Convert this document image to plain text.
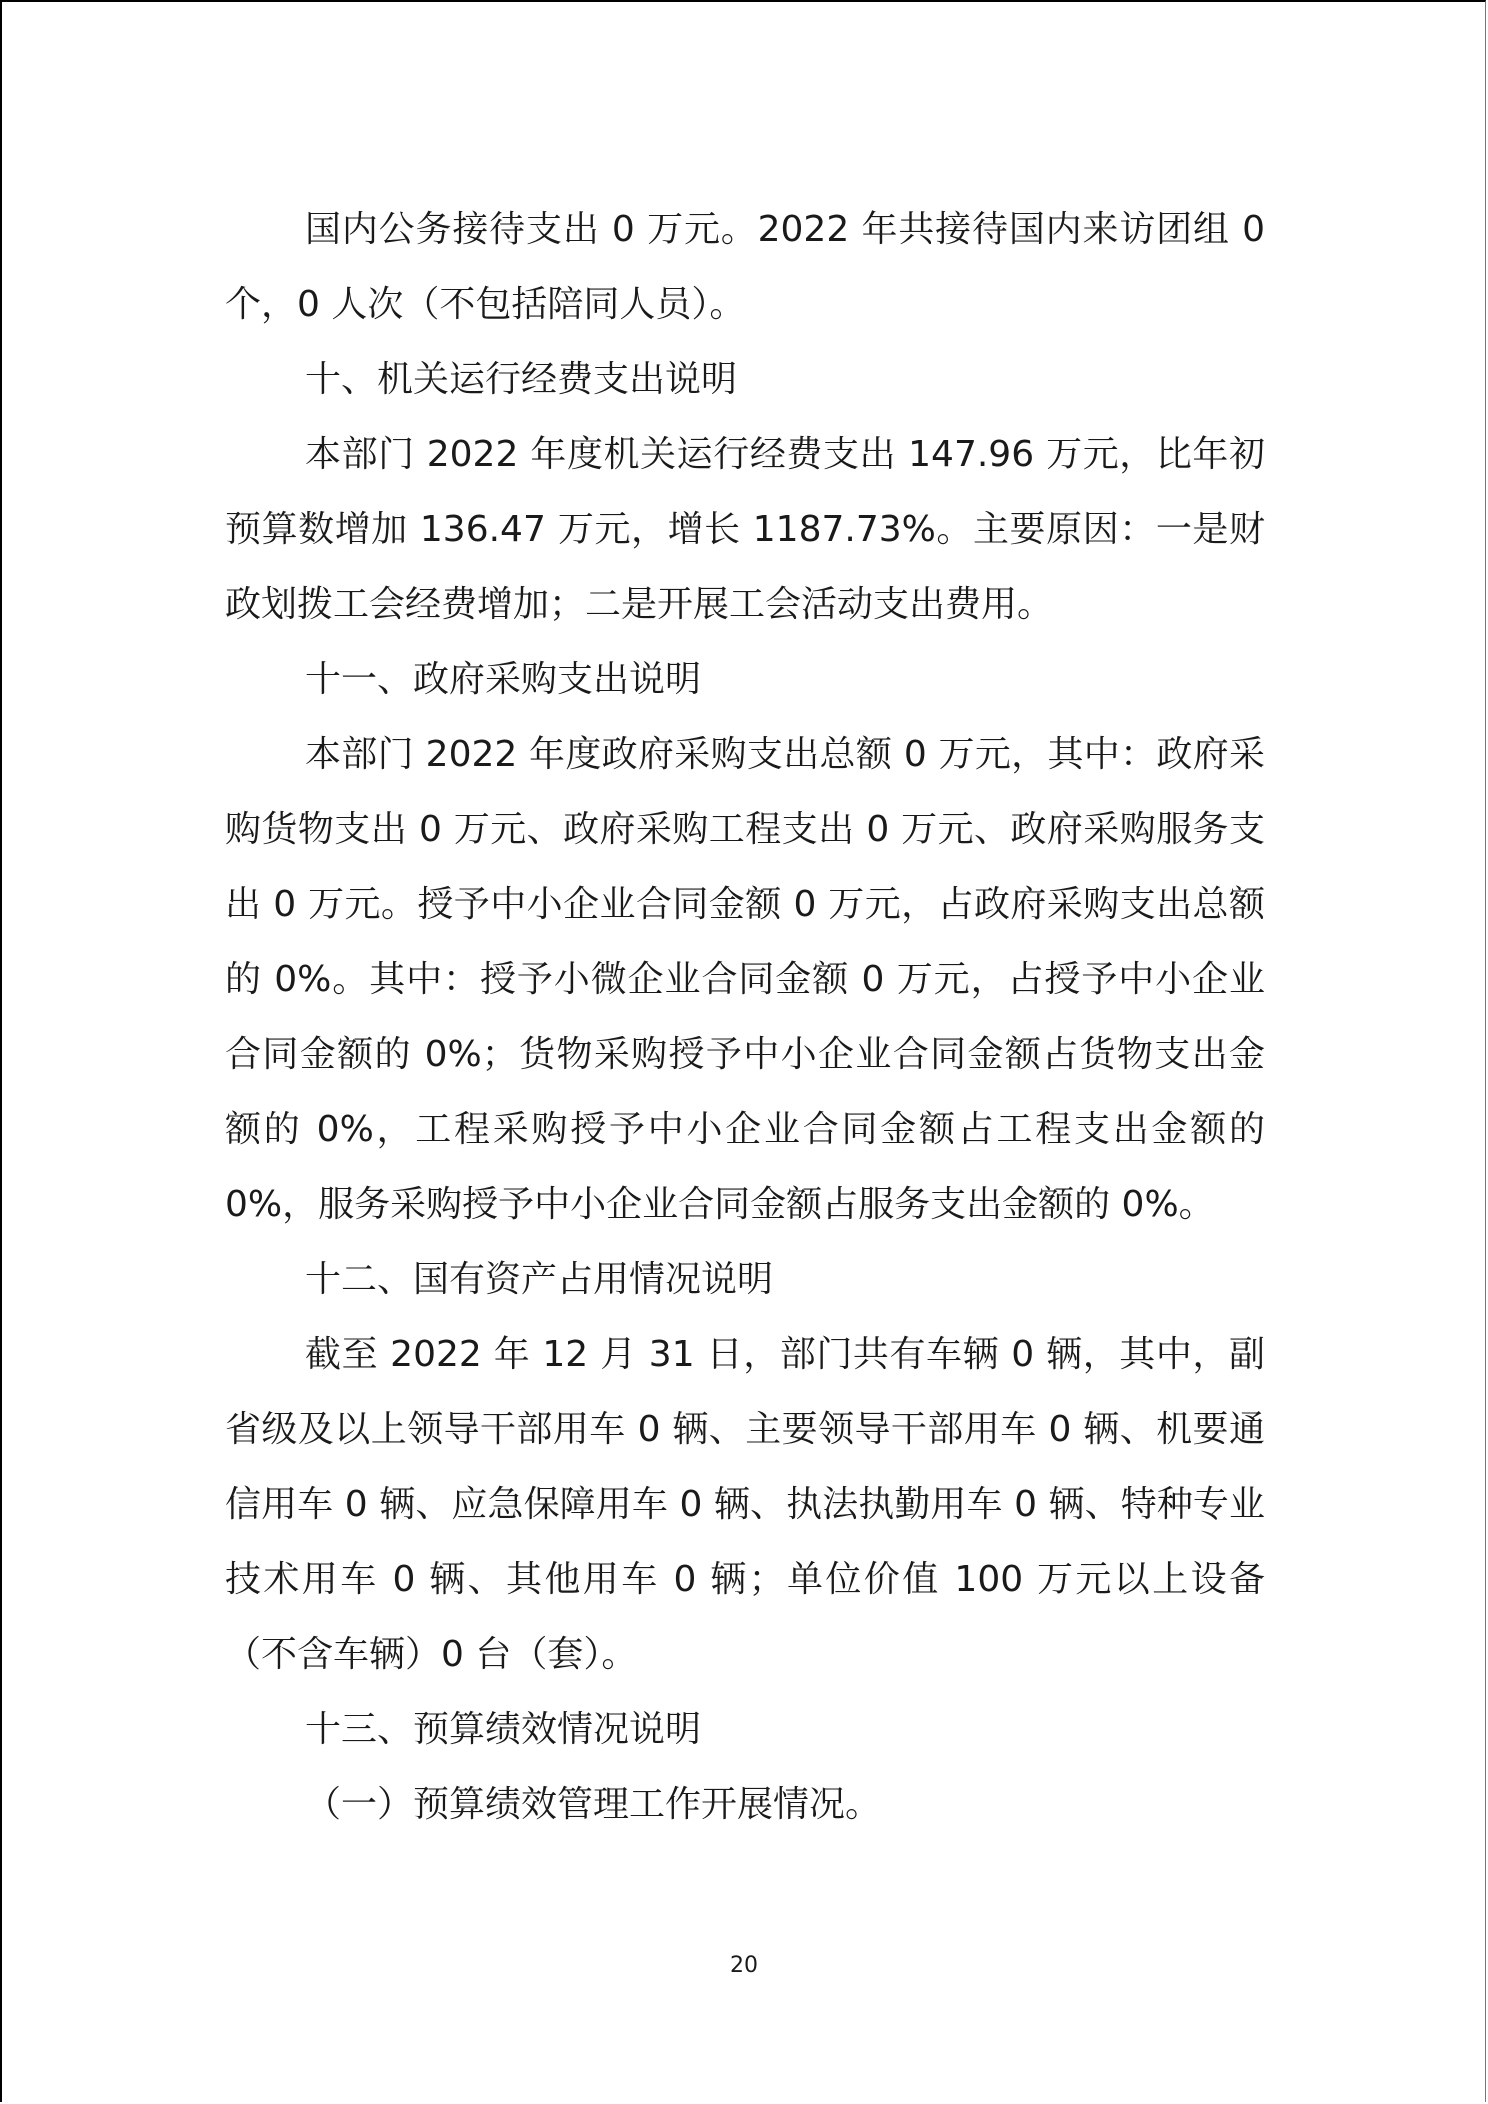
国内公务接待支出 0 万元。2022 年共接待国内来访团组 0 个，0 人次（不包括陪同人员）。

十、机关运行经费支出说明

本部门 2022 年度机关运行经费支出 147.96 万元，比年初预算数增加 136.47 万元，增长 1187.73%。主要原因：一是财政划拨工会经费增加；二是开展工会活动支出费用。

十一、政府采购支出说明

本部门 2022 年度政府采购支出总额 0 万元，其中：政府采购货物支出 0 万元、政府采购工程支出 0 万元、政府采购服务支出 0 万元。授予中小企业合同金额 0 万元，占政府采购支出总额的 0%。其中：授予小微企业合同金额 0 万元，占授予中小企业合同金额的 0%；货物采购授予中小企业合同金额占货物支出金额的 0%，工程采购授予中小企业合同金额占工程支出金额的 0%，服务采购授予中小企业合同金额占服务支出金额的 0%。

十二、国有资产占用情况说明

截至 2022 年 12 月 31 日，部门共有车辆 0 辆，其中，副省级及以上领导干部用车 0 辆、主要领导干部用车 0 辆、机要通信用车 0 辆、应急保障用车 0 辆、执法执勤用车 0 辆、特种专业技术用车 0 辆、其他用车 0 辆；单位价值 100 万元以上设备（不含车辆）0 台（套）。

十三、预算绩效情况说明

（一）预算绩效管理工作开展情况。

20
